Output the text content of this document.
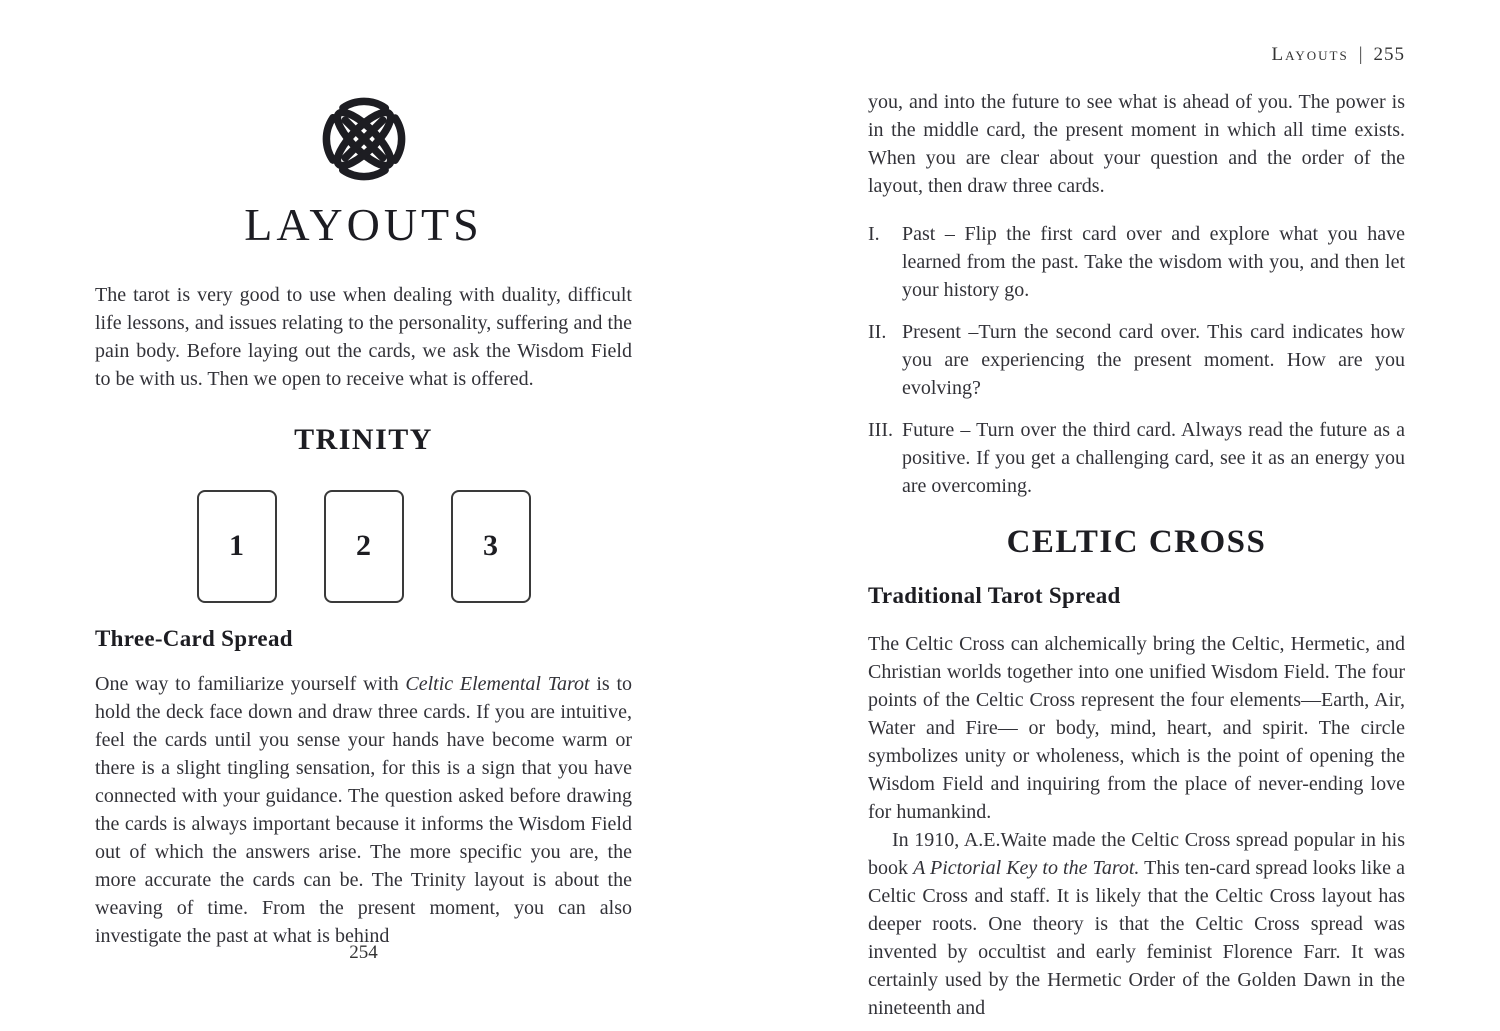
LAYOUTS

The tarot is very good to use when dealing with duality, difficult life lessons, and issues relating to the personality, suffering and the pain body. Before laying out the cards, we ask the Wisdom Field to be with us. Then we open to receive what is offered.

TRINITY
1	2	3
Three-Card Spread

One way to familiarize yourself with Celtic Elemental Tarot is to hold the deck face down and draw three cards. If you are intuitive, feel the cards until you sense your hands have become warm or there is a slight tingling sensation, for this is a sign that you have connected with your guidance. The question asked before drawing the cards is always important because it informs the Wisdom Field out of which the answers arise. The more specific you are, the more accurate the cards can be. The Trinity layout is about the weaving of time. From the present moment, you can also investigate the past at what is behind

254
Layouts | 255

you, and into the future to see what is ahead of you. The power is in the middle card, the present moment in which all time exists. When you are clear about your question and the order of the layout, then draw three cards.

I. Past – Flip the first card over and explore what you have learned from the past. Take the wisdom with you, and then let your history go.
II. Present –Turn the second card over. This card indicates how you are experiencing the present moment. How are you evolving?
III. Future – Turn over the third card. Always read the future as a positive. If you get a challenging card, see it as an energy you are overcoming.
CELTIC CROSS
Traditional Tarot Spread

The Celtic Cross can alchemically bring the Celtic, Hermetic, and Christian worlds together into one unified Wisdom Field. The four points of the Celtic Cross represent the four elements—Earth, Air, Water and Fire— or body, mind, heart, and spirit. The circle symbolizes unity or wholeness, which is the point of opening the Wisdom Field and inquiring from the place of never-ending love for humankind.

In 1910, A.E.Waite made the Celtic Cross spread popular in his book A Pictorial Key to the Tarot. This ten-card spread looks like a Celtic Cross and staff. It is likely that the Celtic Cross layout has deeper roots. One theory is that the Celtic Cross spread was invented by occultist and early feminist Florence Farr. It was certainly used by the Hermetic Order of the Golden Dawn in the nineteenth and
